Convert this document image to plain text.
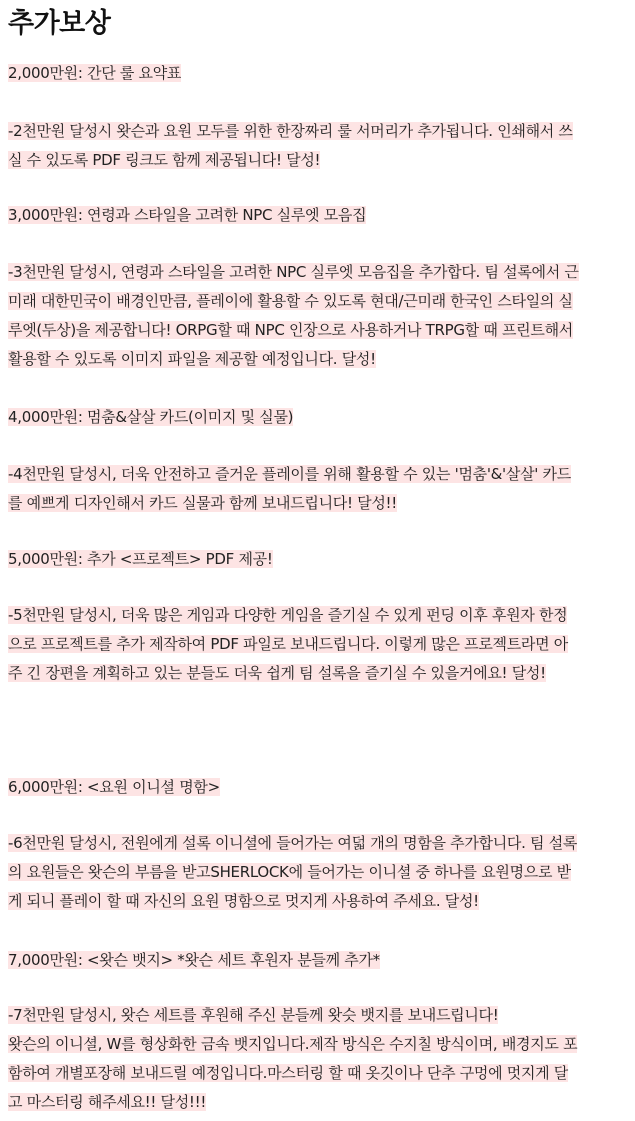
추가보상
2,000만원: 간단 룰 요약표
-2천만원 달성시 왓슨과 요원 모두를 위한 한장짜리 룰 서머리가 추가됩니다. 인쇄해서 쓰
실 수 있도록 PDF 링크도 함께 제공됩니다! 달성!
3,000만원: 연령과 스타일을 고려한 NPC 실루엣 모음집
-3천만원 달성시, 연령과 스타일을 고려한 NPC 실루엣 모음집을 추가합다. 팀 설록에서 근
미래 대한민국이 배경인만큼, 플레이에 활용할 수 있도록 현대/근미래 한국인 스타일의 실
루엣(두상)을 제공합니다! ORPG할 때 NPC 인장으로 사용하거나 TRPG할 때 프린트해서
활용할 수 있도록 이미지 파일을 제공할 예정입니다. 달성!
4,000만원: 멈춤&살살 카드(이미지 및 실물)
-4천만원 달성시, 더욱 안전하고 즐거운 플레이를 위해 활용할 수 있는 '멈춤'&'살살' 카드
를 예쁘게 디자인해서 카드 실물과 함께 보내드립니다! 달성!!
5,000만원: 추가 <프로젝트> PDF 제공!
-5천만원 달성시, 더욱 많은 게임과 다양한 게임을 즐기실 수 있게 펀딩 이후 후원자 한정
으로 프로젝트를 추가 제작하여 PDF 파일로 보내드립니다. 이렇게 많은 프로젝트라면 아
주 긴 장편을 계획하고 있는 분들도 더욱 쉽게 팀 설록을 즐기실 수 있을거에요! 달성!
6,000만원: <요원 이니셜 명함>
-6천만원 달성시, 전원에게 설록 이니셜에 들어가는 여덟 개의 명함을 추가합니다. 팀 설록
의 요원들은 왓슨의 부름을 받고SHERLOCK에 들어가는 이니셜 중 하나를 요원명으로 받
게 되니 플레이 할 때 자신의 요원 명함으로 멋지게 사용하여 주세요. 달성!
7,000만원: <왓슨 뱃지> *왓슨 세트 후원자 분들께 추가*
-7천만원 달성시, 왓슨 세트를 후원해 주신 분들께 왓슷 뱃지를 보내드립니다!
왓슨의 이니셜, W를 형상화한 금속 뱃지입니다.제작 방식은 수지칠 방식이며, 배경지도 포
함하여 개별포장해 보내드릴 예정입니다.마스터링 할 때 옷깃이나 단추 구멍에 멋지게 달
고 마스터링 해주세요!! 달성!!!
